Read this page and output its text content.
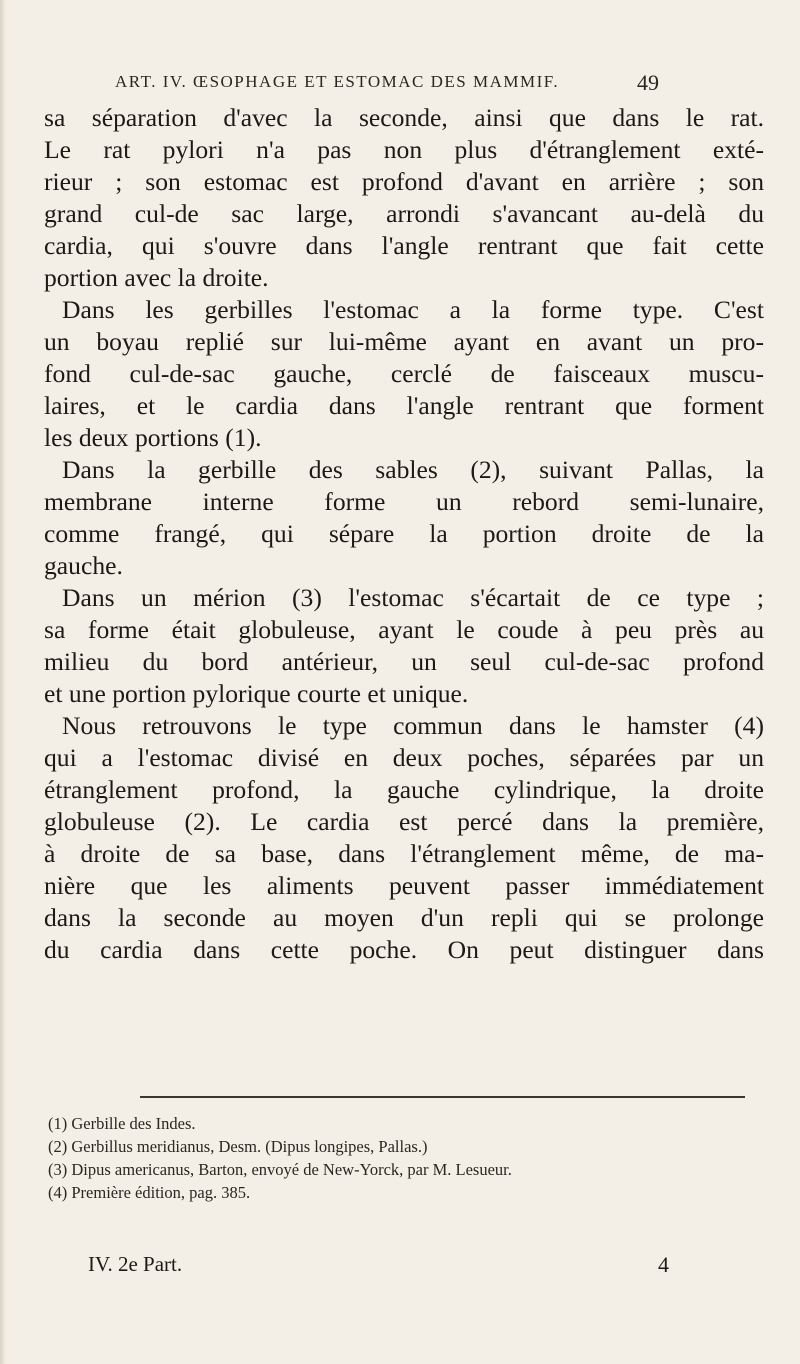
ART. IV. ŒSOPHAGE ET ESTOMAC DES MAMMIF.	49
sa séparation d'avec la seconde, ainsi que dans le rat.
Le rat pylori n'a pas non plus d'étranglement exté-
rieur ; son estomac est profond d'avant en arrière ; son
grand cul-de sac large, arrondi s'avancant au-delà du
cardia, qui s'ouvre dans l'angle rentrant que fait cette
portion avec la droite.
Dans les gerbilles l'estomac a la forme type. C'est
un boyau replié sur lui-même ayant en avant un pro-
fond cul-de-sac gauche, cerclé de faisceaux muscu-
laires, et le cardia dans l'angle rentrant que forment
les deux portions (1).
Dans la gerbille des sables (2), suivant Pallas, la
membrane interne forme un rebord semi-lunaire,
comme frangé, qui sépare la portion droite de la
gauche.
Dans un mérion (3) l'estomac s'écartait de ce type ;
sa forme était globuleuse, ayant le coude à peu près au
milieu du bord antérieur, un seul cul-de-sac profond
et une portion pylorique courte et unique.
Nous retrouvons le type commun dans le hamster (4)
qui a l'estomac divisé en deux poches, séparées par un
étranglement profond, la gauche cylindrique, la droite
globuleuse (2). Le cardia est percé dans la première,
à droite de sa base, dans l'étranglement même, de ma-
nière que les aliments peuvent passer immédiatement
dans la seconde au moyen d'un repli qui se prolonge
du cardia dans cette poche. On peut distinguer dans
(1) Gerbille des Indes.
(2) Gerbillus meridianus, Desm. (Dipus longipes, Pallas.)
(3) Dipus americanus, Barton, envoyé de New-Yorck, par M. Lesueur.
(4) Première édition, pag. 385.
IV. 2e Part.	4
